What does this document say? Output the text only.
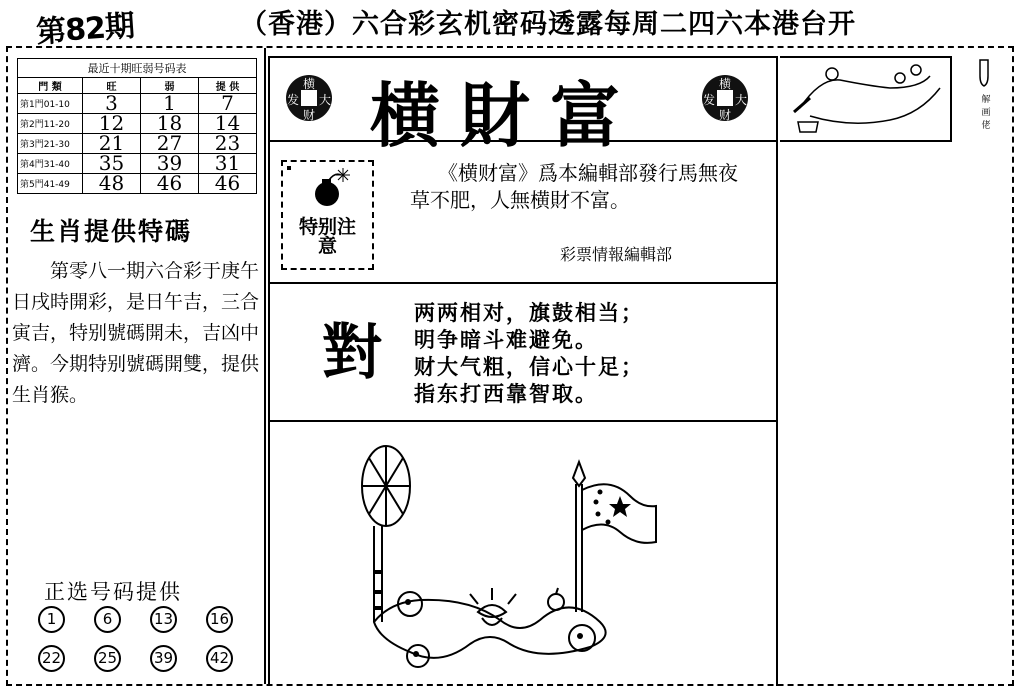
第82期	（香港）六合彩玄机密码透露每周二四六本港台开
最近十期旺弱号码表
門 類	旺	弱	提 供
第1門01-10	3	1	7
第2門11-20	12	18	14
第3門21-30	21	27	23
第4門31-40	35	39	31
第5門41-49	48	46	46
生肖提供特碼

第零八一期六合彩于庚午日戌時開彩，是日午吉，三合寅吉，特别號碼開未，吉凶中濟。今期特别號碼開雙，提供生肖猴。

正选号码提供
1	6	13 16
22 25 39 42
横
大
财
发 横財富	横
大
财
发
特别注意

《横财富》爲本編輯部發行馬無夜草不肥，人無横財不富。

彩票情報編輯部
對
两两相对，旗鼓相当；
明争暗斗难避免。
财大气粗，信心十足；
指东打西靠智取。
解画佬
